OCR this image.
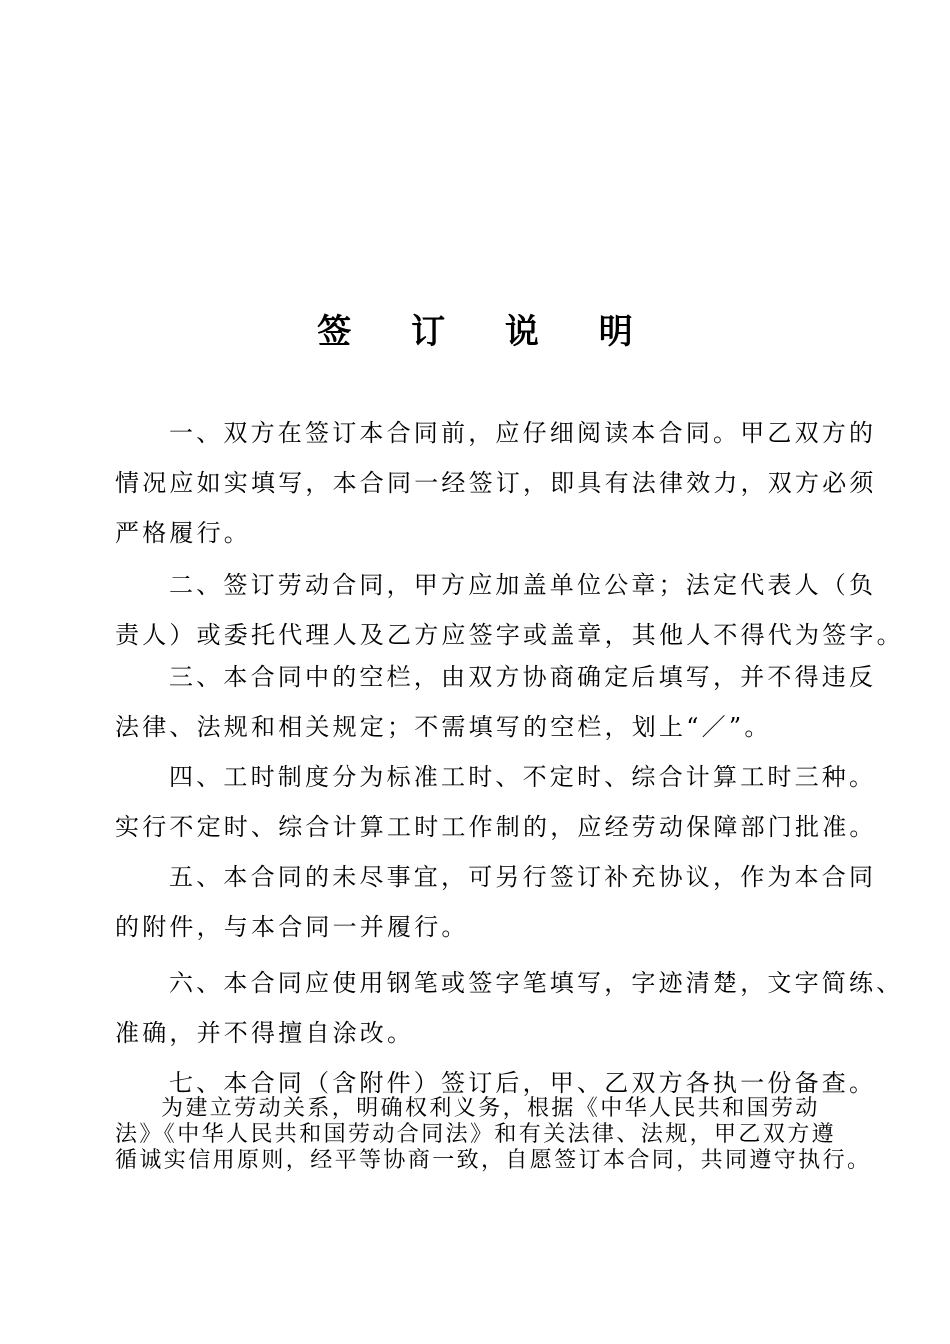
签 订 说 明
一、双方在签订本合同前，应仔细阅读本合同。甲乙双方的
情况应如实填写，本合同一经签订，即具有法律效力，双方必须
严格履行。
二、签订劳动合同，甲方应加盖单位公章；法定代表人（负
责人）或委托代理人及乙方应签字或盖章，其他人不得代为签字。
三、本合同中的空栏，由双方协商确定后填写，并不得违反
法律、法规和相关规定；不需填写的空栏，划上“／”。
四、工时制度分为标准工时、不定时、综合计算工时三种。
实行不定时、综合计算工时工作制的，应经劳动保障部门批准。
五、本合同的未尽事宜，可另行签订补充协议，作为本合同
的附件，与本合同一并履行。
六、本合同应使用钢笔或签字笔填写，字迹清楚，文字简练、
准确，并不得擅自涂改。
七、本合同（含附件）签订后，甲、乙双方各执一份备查。
为建立劳动关系，明确权利义务，根据《中华人民共和国劳动
法》《中华人民共和国劳动合同法》和有关法律、法规，甲乙双方遵
循诚实信用原则，经平等协商一致，自愿签订本合同，共同遵守执行。
